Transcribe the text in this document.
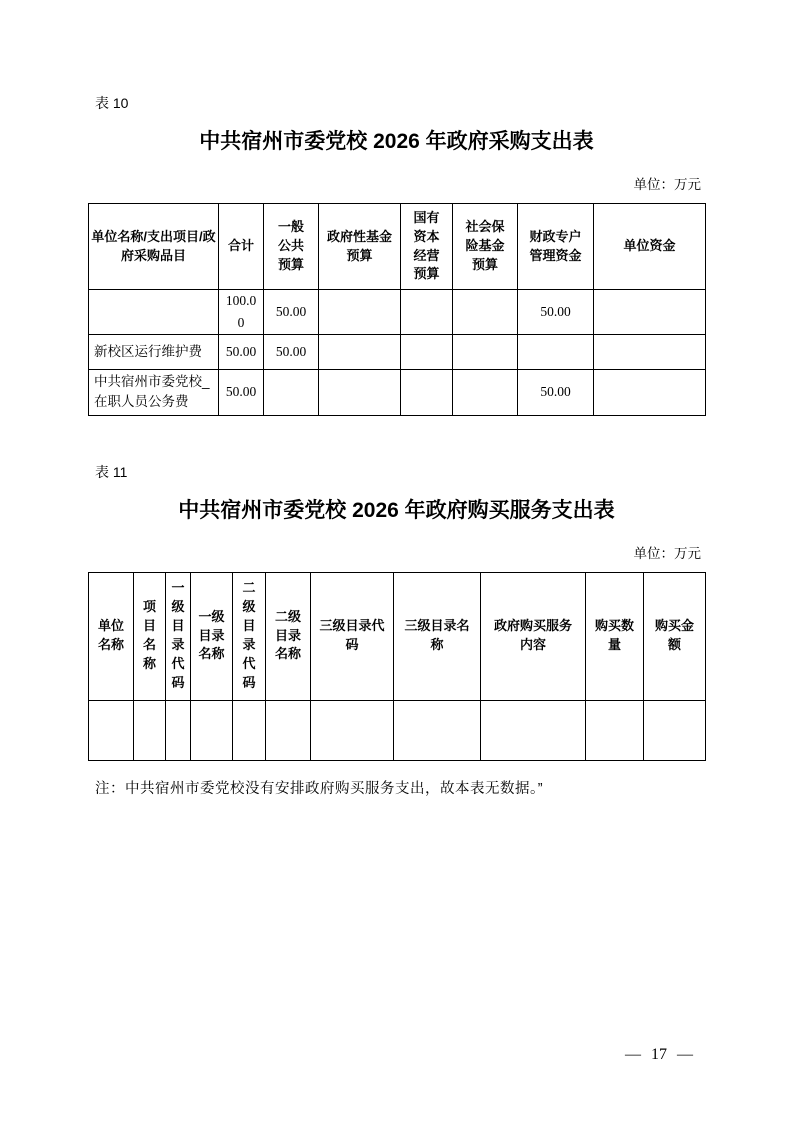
表 10
中共宿州市委党校 2026 年政府采购支出表
单位：万元
单位名称/支出项目/政府采购品目	合计	一般公共预算	政府性基金预算	国有资本经营预算	社会保险基金预算	财政专户管理资金	单位资金
	100.00	50.00				50.00	
新校区运行维护费	50.00	50.00					
中共宿州市委党校_在职人员公务费	50.00					50.00	
表 11
中共宿州市委党校 2026 年政府购买服务支出表
单位：万元
单位名称	项目名称	一级目录代码	一级目录名称	二级目录代码	二级目录名称	三级目录代码	三级目录名称	政府购买服务内容	购买数量	购买金额

注：中共宿州市委党校没有安排政府购买服务支出，故本表无数据。”

— 17 —
